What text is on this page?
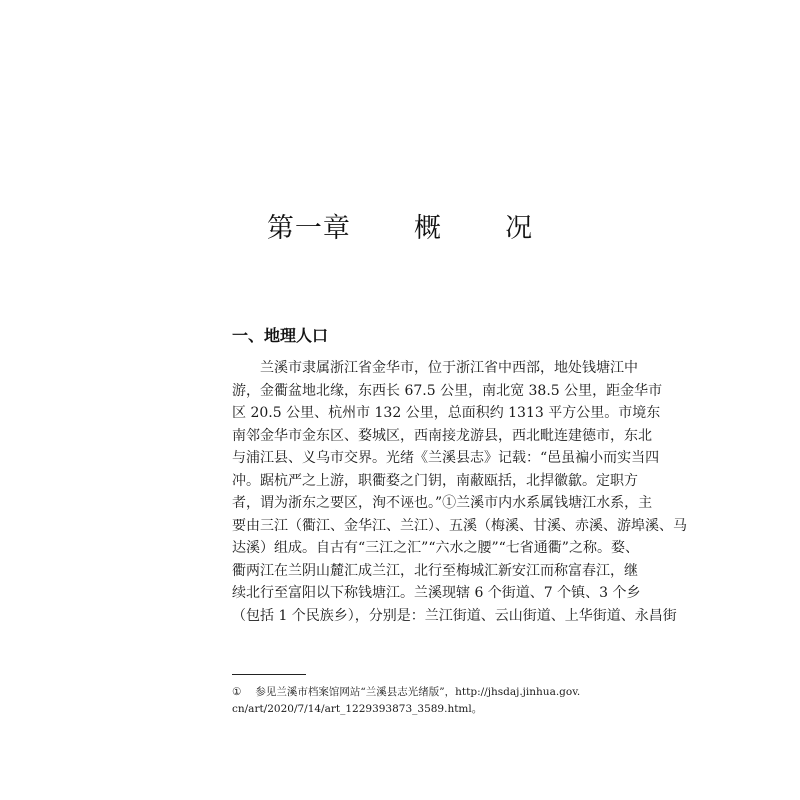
第一章  概  况
一、地理人口
兰溪市隶属浙江省金华市，位于浙江省中西部，地处钱塘江中
游，金衢盆地北缘，东西长 67.5 公里，南北宽 38.5 公里，距金华市
区 20.5 公里、杭州市 132 公里，总面积约 1313 平方公里。市境东
南邻金华市金东区、婺城区，西南接龙游县，西北毗连建德市，东北
与浦江县、义乌市交界。光绪《兰溪县志》记载：“邑虽褊小而实当四
冲。踞杭严之上游，职衢婺之门钥，南蔽瓯括，北捍徽歙。定职方
者，谓为浙东之要区，洵不诬也。”①兰溪市内水系属钱塘江水系，主
要由三江（衢江、金华江、兰江）、五溪（梅溪、甘溪、赤溪、游埠溪、马
达溪）组成。自古有“三江之汇”“六水之腰”“七省通衢”之称。婺、
衢两江在兰阴山麓汇成兰江，北行至梅城汇新安江而称富春江，继
续北行至富阳以下称钱塘江。兰溪现辖 6 个街道、7 个镇、3 个乡
（包括 1 个民族乡），分别是：兰江街道、云山街道、上华街道、永昌街
① 参见兰溪市档案馆网站“兰溪县志光绪版”，http://jhsdaj.jinhua.gov.
cn/art/2020/7/14/art_1229393873_3589.html。
